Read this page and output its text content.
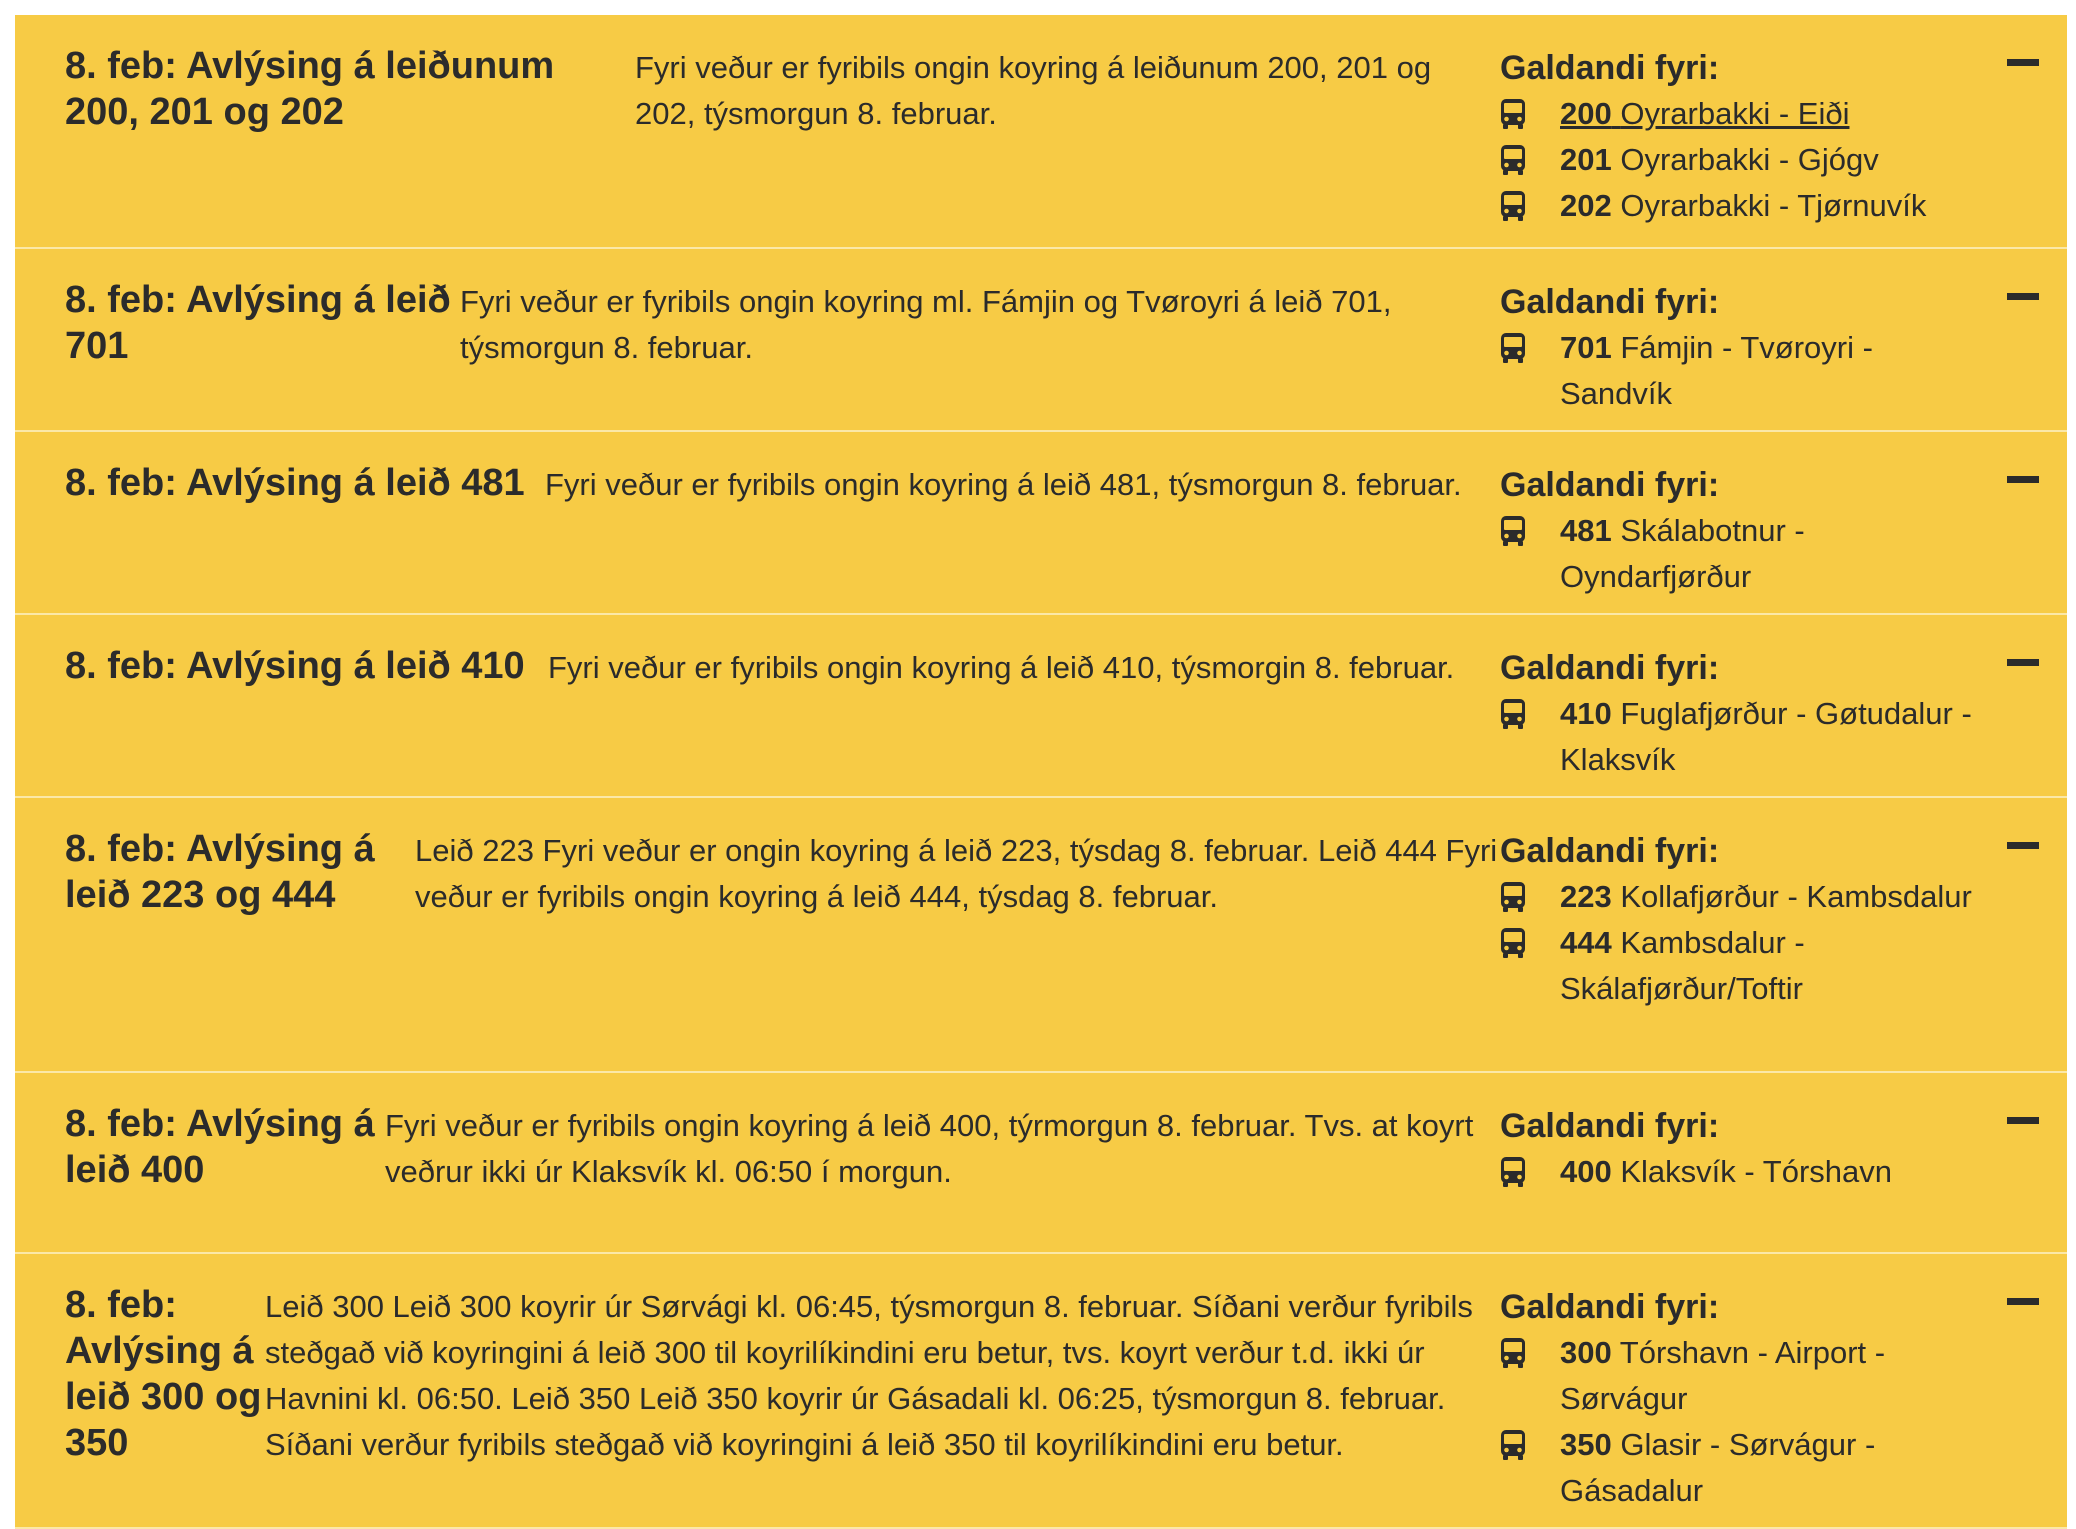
8. feb: Avlýsing á leiðunum 200, 201 og 202
Fyri veður er fyribils ongin koyring á leiðunum 200, 201 og 202, týsmorgun 8. februar.
Galdandi fyri:
200 Oyrarbakki - Eiði
201 Oyrarbakki - Gjógv
202 Oyrarbakki - Tjørnuvík
8. feb: Avlýsing á leið 701
Fyri veður er fyribils ongin koyring ml. Fámjin og Tvøroyri á leið 701, týsmorgun 8. februar.
Galdandi fyri:
701 Fámjin - Tvøroyri - Sandvík
8. feb: Avlýsing á leið 481 Fyri veður er fyribils ongin koyring á leið 481, týsmorgun 8. februar.	Galdandi fyri:
481 Skálabotnur - Oyndarfjørður
8. feb: Avlýsing á leið 410 Fyri veður er fyribils ongin koyring á leið 410, týsmorgin 8. februar.	Galdandi fyri:
410 Fuglafjørður - Gøtudalur - Klaksvík
8. feb: Avlýsing á leið 223 og 444
Leið 223 Fyri veður er ongin koyring á leið 223, týsdag 8. februar. Leið 444 Fyri veður er fyribils ongin koyring á leið 444, týsdag 8. februar.
Galdandi fyri:
223 Kollafjørður - Kambsdalur
444 Kambsdalur - Skálafjørður/Toftir
8. feb: Avlýsing á leið 400
Fyri veður er fyribils ongin koyring á leið 400, týrmorgun 8. februar. Tvs. at koyrt veðrur ikki úr Klaksvík kl. 06:50 í morgun.
Galdandi fyri:
400 Klaksvík - Tórshavn
8. feb: Avlýsing á leið 300 og 350
Leið 300 Leið 300 koyrir úr Sørvági kl. 06:45, týsmorgun 8. februar. Síðani verður fyribils steðgað við koyringini á leið 300 til koyrilíkindini eru betur, tvs. koyrt verður t.d. ikki úr Havnini kl. 06:50. Leið 350 Leið 350 koyrir úr Gásadali kl. 06:25, týsmorgun 8. februar. Síðani verður fyribils steðgað við koyringini á leið 350 til koyrilíkindini eru betur.
Galdandi fyri:
300 Tórshavn - Airport - Sørvágur
350 Glasir - Sørvágur - Gásadalur
